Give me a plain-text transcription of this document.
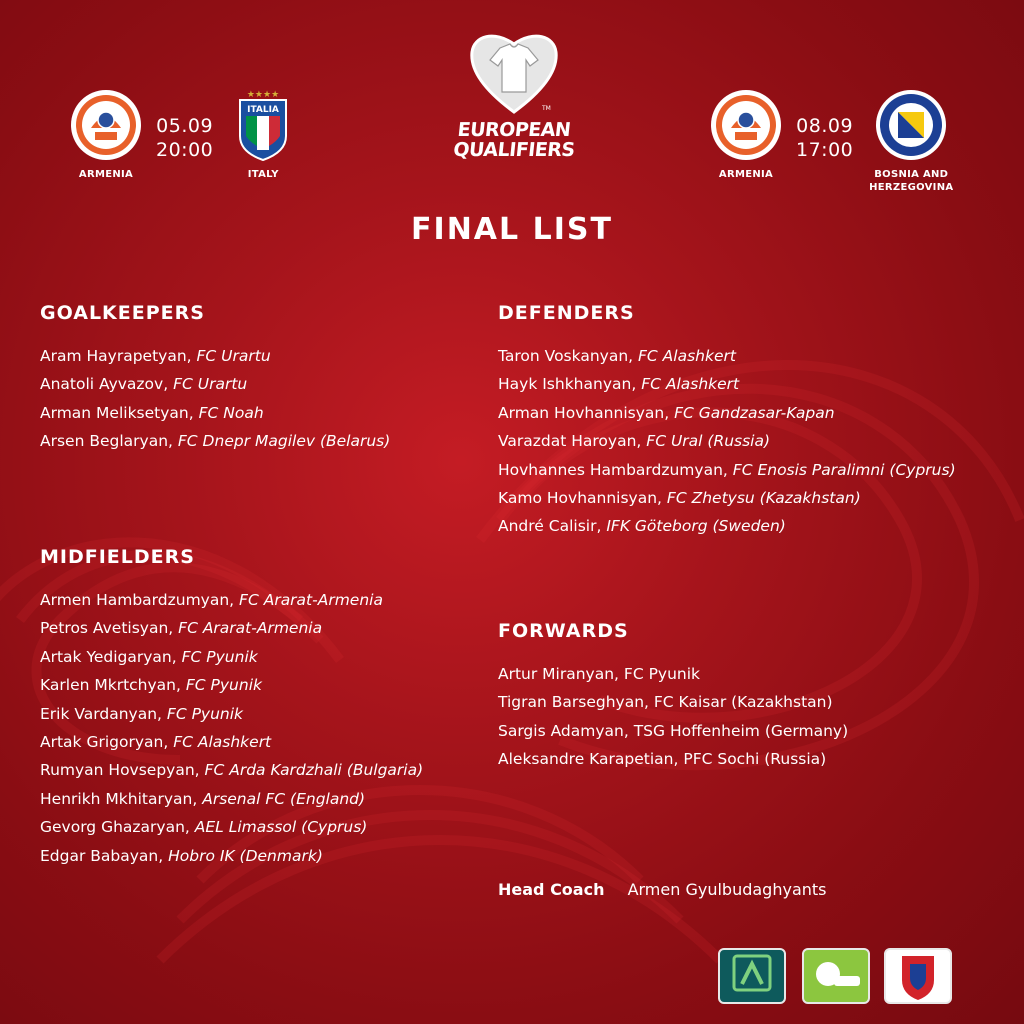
ARMENIA
05.09
20:00
★★★★
ITALIA
ITALY
TM
EUROPEAN
QUALIFIERS
ARMENIA
08.09
17:00
BOSNIA AND
HERZEGOVINA
FINAL LIST
GOALKEEPERS
Aram Hayrapetyan, FC Urartu
Anatoli Ayvazov, FC Urartu
Arman Meliksetyan, FC Noah
Arsen Beglaryan, FC Dnepr Magilev (Belarus)
DEFENDERS
Taron Voskanyan, FC Alashkert
Hayk Ishkhanyan, FC Alashkert
Arman Hovhannisyan, FC Gandzasar-Kapan
Varazdat Haroyan, FC Ural (Russia)
Hovhannes Hambardzumyan, FC Enosis Paralimni (Cyprus)
Kamo Hovhannisyan, FC Zhetysu (Kazakhstan)
André Calisir, IFK Göteborg (Sweden)
MIDFIELDERS
Armen Hambardzumyan, FC Ararat-Armenia
Petros Avetisyan, FC Ararat-Armenia
Artak Yedigaryan, FC Pyunik
Karlen Mkrtchyan, FC Pyunik
Erik Vardanyan, FC Pyunik
Artak Grigoryan, FC Alashkert
Rumyan Hovsepyan, FC Arda Kardzhali (Bulgaria)
Henrikh Mkhitaryan, Arsenal FC (England)
Gevorg Ghazaryan, AEL Limassol (Cyprus)
Edgar Babayan, Hobro IK (Denmark)
FORWARDS
Artur Miranyan, FC Pyunik
Tigran Barseghyan, FC Kaisar (Kazakhstan)
Sargis Adamyan, TSG Hoffenheim (Germany)
Aleksandre Karapetian, PFC Sochi (Russia)
Head Coach Armen Gyulbudaghyants
